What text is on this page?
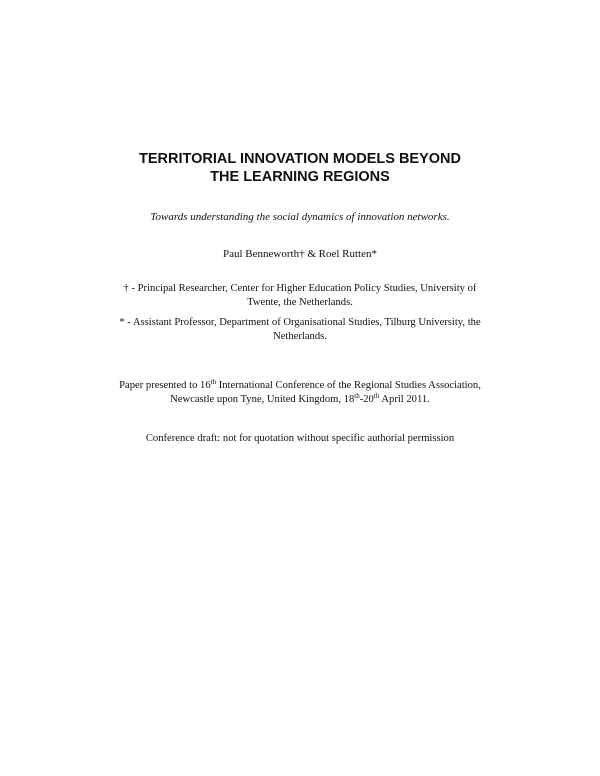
TERRITORIAL INNOVATION MODELS BEYOND
THE LEARNING REGIONS

Towards understanding the social dynamics of innovation networks.

Paul Benneworth† & Roel Rutten*

† - Principal Researcher, Center for Higher Education Policy Studies, University of
Twente, the Netherlands.

* - Assistant Professor, Department of Organisational Studies, Tilburg University, the
Netherlands.

Paper presented to 16th International Conference of the Regional Studies Association,
Newcastle upon Tyne, United Kingdom, 18th-20th April 2011.

Conference draft: not for quotation without specific authorial permission
